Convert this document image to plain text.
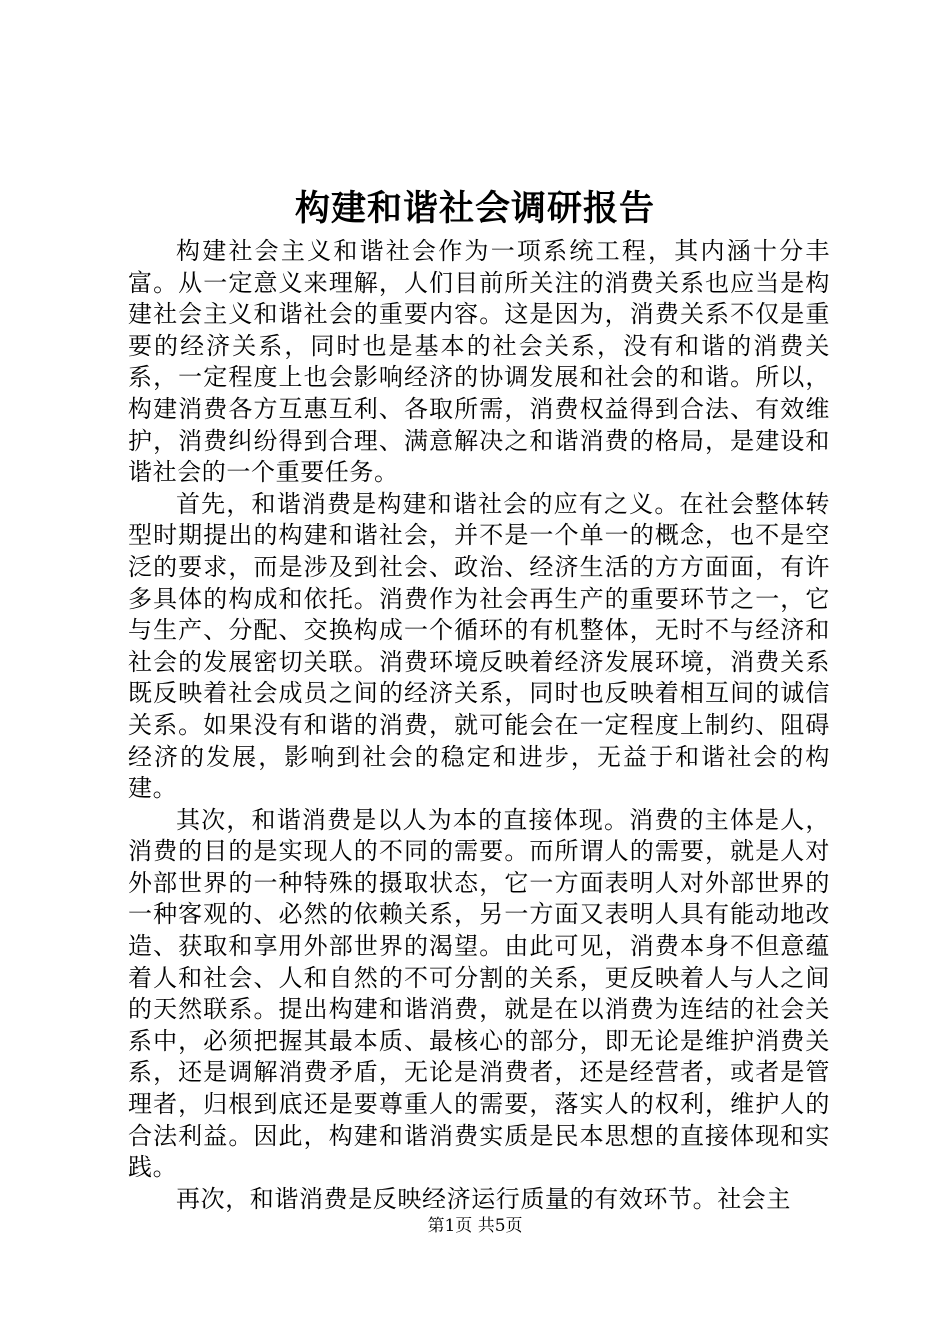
构建和谐社会调研报告

构建社会主义和谐社会作为一项系统工程，其内涵十分丰富。从一定意义来理解，人们目前所关注的消费关系也应当是构建社会主义和谐社会的重要内容。这是因为，消费关系不仅是重要的经济关系，同时也是基本的社会关系，没有和谐的消费关系，一定程度上也会影响经济的协调发展和社会的和谐。所以，构建消费各方互惠互利、各取所需，消费权益得到合法、有效维护，消费纠纷得到合理、满意解决之和谐消费的格局，是建设和谐社会的一个重要任务。

首先，和谐消费是构建和谐社会的应有之义。在社会整体转型时期提出的构建和谐社会，并不是一个单一的概念，也不是空泛的要求，而是涉及到社会、政治、经济生活的方方面面，有许多具体的构成和依托。消费作为社会再生产的重要环节之一，它与生产、分配、交换构成一个循环的有机整体，无时不与经济和社会的发展密切关联。消费环境反映着经济发展环境，消费关系既反映着社会成员之间的经济关系，同时也反映着相互间的诚信关系。如果没有和谐的消费，就可能会在一定程度上制约、阻碍经济的发展，影响到社会的稳定和进步，无益于和谐社会的构建。

其次，和谐消费是以人为本的直接体现。消费的主体是人，消费的目的是实现人的不同的需要。而所谓人的需要，就是人对外部世界的一种特殊的摄取状态，它一方面表明人对外部世界的一种客观的、必然的依赖关系，另一方面又表明人具有能动地改造、获取和享用外部世界的渴望。由此可见，消费本身不但意蕴着人和社会、人和自然的不可分割的关系，更反映着人与人之间的天然联系。提出构建和谐消费，就是在以消费为连结的社会关系中，必须把握其最本质、最核心的部分，即无论是维护消费关系，还是调解消费矛盾，无论是消费者，还是经营者，或者是管理者，归根到底还是要尊重人的需要，落实人的权利，维护人的合法利益。因此，构建和谐消费实质是民本思想的直接体现和实践。

再次，和谐消费是反映经济运行质量的有效环节。社会主

第1页 共5页
